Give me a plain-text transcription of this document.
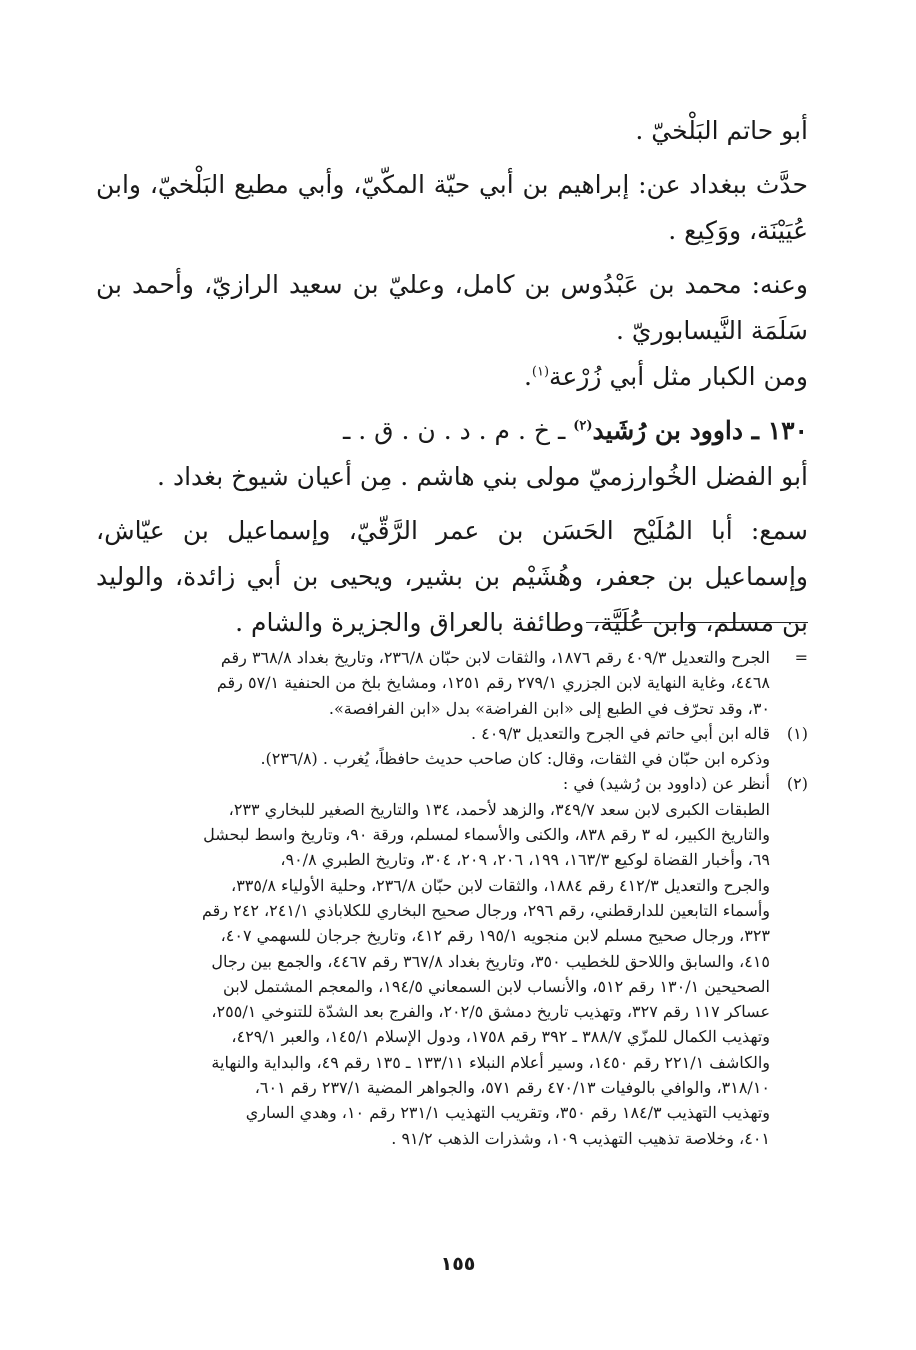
أبو حاتم البَلْخيّ .

حدَّث ببغداد عن: إبراهيم بن أبي حيّة المكّيّ، وأبي مطيع البَلْخيّ، وابن عُيَيْنَة، ووَكِيع .

وعنه: محمد بن عَبْدُوس بن كامل، وعليّ بن سعيد الرازيّ، وأحمد بن سَلَمَة النَّيسابوريّ .

ومن الكبار مثل أبي زُرْعة$^{(١)}$.

١٣٠ ـ داوود بن رُشَيد$^{(٢)}$ ـ خ . م . د . ن . ق . ـ

أبو الفضل الخُوارزميّ مولى بني هاشم . مِن أعيان شيوخ بغداد .

سمع: أبا المُلَيْح الحَسَن بن عمر الرَّقّيّ، وإسماعيل بن عيّاش، وإسماعيل بن جعفر، وهُشَيْم بن بشير، ويحيى بن أبي زائدة، والوليد بن مسلم، وابن عُلَيَّة، وطائفة بالعراق والجزيرة والشام .

=
الجرح والتعديل ٤٠٩/٣ رقم ١٨٧٦، والثقات لابن حبّان ٢٣٦/٨، وتاريخ بغداد ٣٦٨/٨ رقم
٤٤٦٨، وغاية النهاية لابن الجزري ٢٧٩/١ رقم ١٢٥١، ومشايخ بلخ من الحنفية ٥٧/١ رقم
٣٠، وقد تحرّف في الطبع إلى «ابن الفراضة» بدل «ابن الفرافصة».
(١)
قاله ابن أبي حاتم في الجرح والتعديل ٤٠٩/٣ .
وذكره ابن حبّان في الثقات، وقال: كان صاحب حديث حافظاً، يُغرب . (٢٣٦/٨).
(٢)
أنظر عن (داوود بن رُشيد) في :
الطبقات الكبرى لابن سعد ٣٤٩/٧، والزهد لأحمد، ١٣٤ والتاريخ الصغير للبخاري ٢٣٣،
والتاريخ الكبير، له ٣ رقم ٨٣٨، والكنى والأسماء لمسلم، ورقة ٩٠، وتاريخ واسط لبحشل
٦٩، وأخبار القضاة لوكيع ١٦٣/٣، ١٩٩، ٢٠٦، ٢٠٩، ٣٠٤، وتاريخ الطبري ٩٠/٨،
والجرح والتعديل ٤١٢/٣ رقم ١٨٨٤، والثقات لابن حبّان ٢٣٦/٨، وحلية الأولياء ٣٣٥/٨،
وأسماء التابعين للدارقطني، رقم ٢٩٦، ورجال صحيح البخاري للكلاباذي ٢٤١/١، ٢٤٢ رقم
٣٢٣، ورجال صحيح مسلم لابن منجويه ١٩٥/١ رقم ٤١٢، وتاريخ جرجان للسهمي ٤٠٧،
٤١٥، والسابق واللاحق للخطيب ٣٥٠، وتاريخ بغداد ٣٦٧/٨ رقم ٤٤٦٧، والجمع بين رجال
الصحيحين ١٣٠/١ رقم ٥١٢، والأنساب لابن السمعاني ١٩٤/٥، والمعجم المشتمل لابن
عساكر ١١٧ رقم ٣٢٧، وتهذيب تاريخ دمشق ٢٠٢/٥، والفرج بعد الشدّة للتنوخي ٢٥٥/١،
وتهذيب الكمال للمزّي ٣٨٨/٧ ـ ٣٩٢ رقم ١٧٥٨، ودول الإسلام ١٤٥/١، والعبر ٤٢٩/١،
والكاشف ٢٢١/١ رقم ١٤٥٠، وسير أعلام النبلاء ١٣٣/١١ ـ ١٣٥ رقم ٤٩، والبداية والنهاية
٣١٨/١٠، والوافي بالوفيات ٤٧٠/١٣ رقم ٥٧١، والجواهر المضية ٢٣٧/١ رقم ٦٠١،
وتهذيب التهذيب ١٨٤/٣ رقم ٣٥٠، وتقريب التهذيب ٢٣١/١ رقم ١٠، وهدي الساري
٤٠١، وخلاصة تذهيب التهذيب ١٠٩، وشذرات الذهب ٩١/٢ .
١٥٥
